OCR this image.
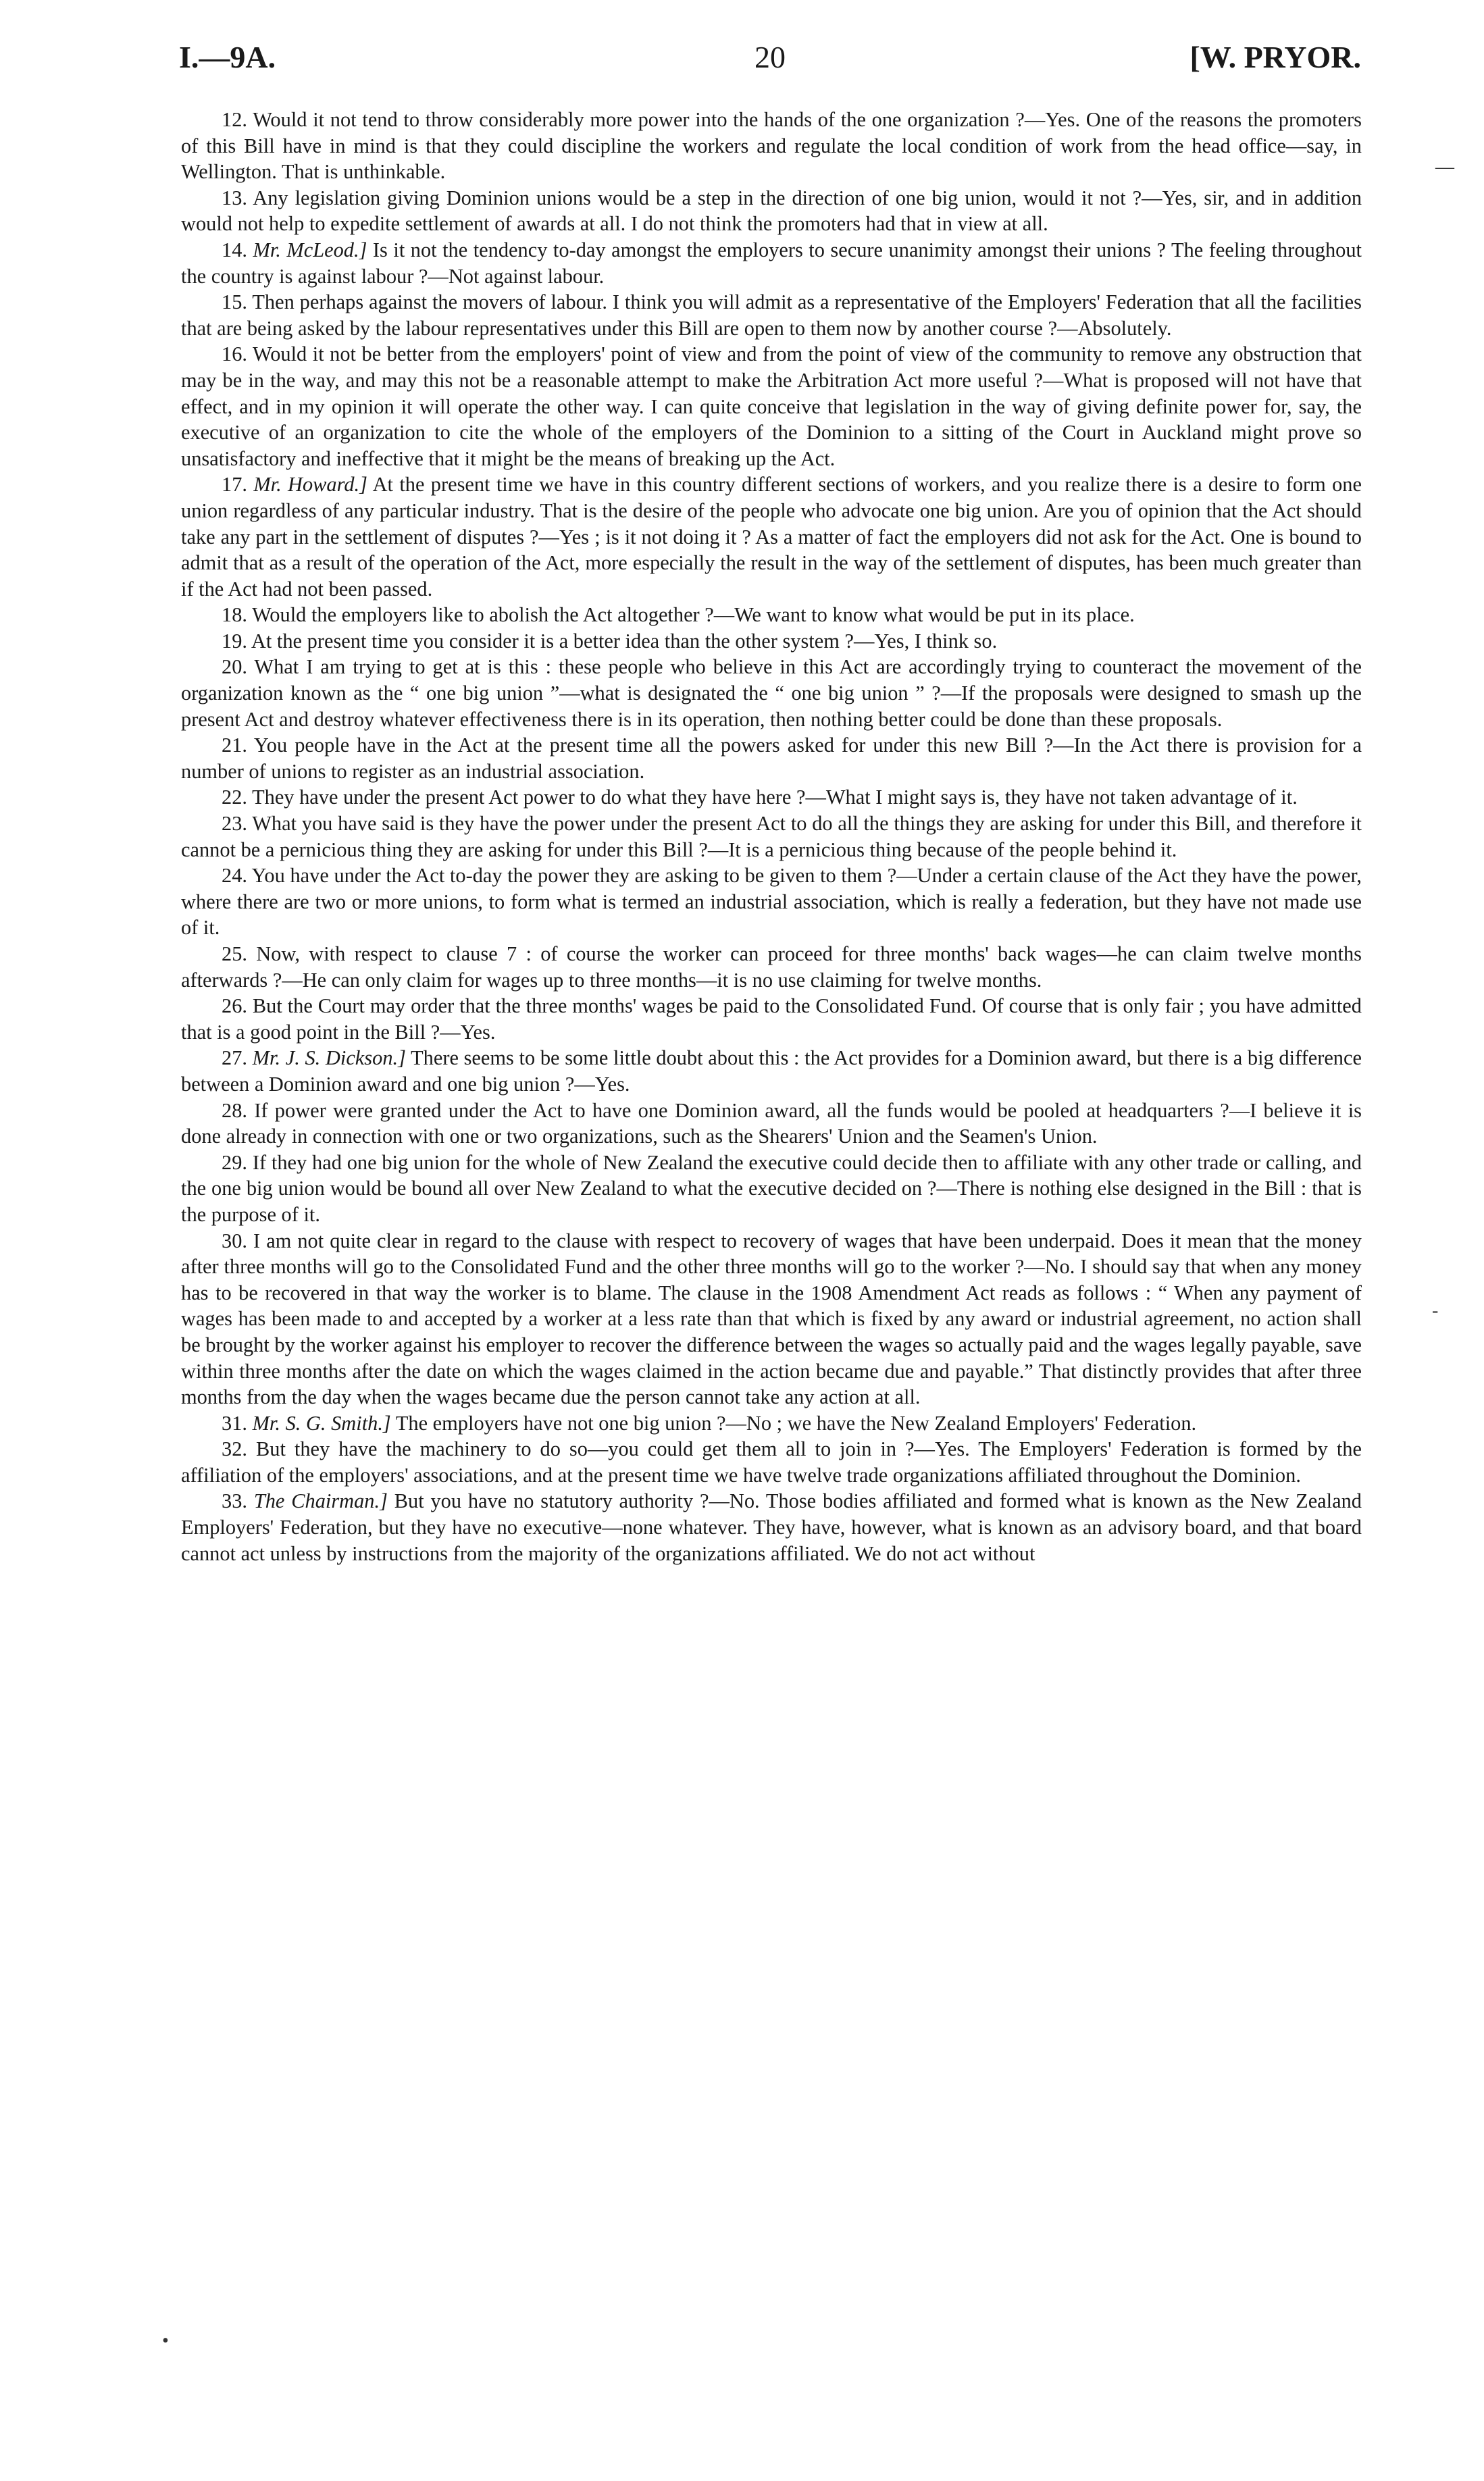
I.—9A.	20	[W. PRYOR.

12. Would it not tend to throw considerably more power into the hands of the one organization ?—Yes. One of the reasons the promoters of this Bill have in mind is that they could discipline the workers and regulate the local condition of work from the head office—say, in Wellington. That is unthinkable.

13. Any legislation giving Dominion unions would be a step in the direction of one big union, would it not ?—Yes, sir, and in addition would not help to expedite settlement of awards at all. I do not think the promoters had that in view at all.

14. Mr. McLeod.] Is it not the tendency to-day amongst the employers to secure unanimity amongst their unions ? The feeling throughout the country is against labour ?—Not against labour.

15. Then perhaps against the movers of labour. I think you will admit as a representative of the Employers' Federation that all the facilities that are being asked by the labour representatives under this Bill are open to them now by another course ?—Absolutely.

16. Would it not be better from the employers' point of view and from the point of view of the community to remove any obstruction that may be in the way, and may this not be a reasonable attempt to make the Arbitration Act more useful ?—What is proposed will not have that effect, and in my opinion it will operate the other way. I can quite conceive that legislation in the way of giving definite power for, say, the executive of an organization to cite the whole of the employers of the Dominion to a sitting of the Court in Auckland might prove so unsatisfactory and ineffective that it might be the means of breaking up the Act.

17. Mr. Howard.] At the present time we have in this country different sections of workers, and you realize there is a desire to form one union regardless of any particular industry. That is the desire of the people who advocate one big union. Are you of opinion that the Act should take any part in the settlement of disputes ?—Yes ; is it not doing it ? As a matter of fact the employers did not ask for the Act. One is bound to admit that as a result of the operation of the Act, more especially the result in the way of the settlement of disputes, has been much greater than if the Act had not been passed.

18. Would the employers like to abolish the Act altogether ?—We want to know what would be put in its place.

19. At the present time you consider it is a better idea than the other system ?—Yes, I think so.

20. What I am trying to get at is this : these people who believe in this Act are accordingly trying to counteract the movement of the organization known as the “ one big union ”—what is designated the “ one big union ” ?—If the proposals were designed to smash up the present Act and destroy whatever effectiveness there is in its operation, then nothing better could be done than these proposals.

21. You people have in the Act at the present time all the powers asked for under this new Bill ?—In the Act there is provision for a number of unions to register as an industrial association.

22. They have under the present Act power to do what they have here ?—What I might says is, they have not taken advantage of it.

23. What you have said is they have the power under the present Act to do all the things they are asking for under this Bill, and therefore it cannot be a pernicious thing they are asking for under this Bill ?—It is a pernicious thing because of the people behind it.

24. You have under the Act to-day the power they are asking to be given to them ?—Under a certain clause of the Act they have the power, where there are two or more unions, to form what is termed an industrial association, which is really a federation, but they have not made use of it.

25. Now, with respect to clause 7 : of course the worker can proceed for three months' back wages—he can claim twelve months afterwards ?—He can only claim for wages up to three months—it is no use claiming for twelve months.

26. But the Court may order that the three months' wages be paid to the Consolidated Fund. Of course that is only fair ; you have admitted that is a good point in the Bill ?—Yes.

27. Mr. J. S. Dickson.] There seems to be some little doubt about this : the Act provides for a Dominion award, but there is a big difference between a Dominion award and one big union ?—Yes.

28. If power were granted under the Act to have one Dominion award, all the funds would be pooled at headquarters ?—I believe it is done already in connection with one or two organizations, such as the Shearers' Union and the Seamen's Union.

29. If they had one big union for the whole of New Zealand the executive could decide then to affiliate with any other trade or calling, and the one big union would be bound all over New Zealand to what the executive decided on ?—There is nothing else designed in the Bill : that is the purpose of it.

30. I am not quite clear in regard to the clause with respect to recovery of wages that have been underpaid. Does it mean that the money after three months will go to the Consolidated Fund and the other three months will go to the worker ?—No. I should say that when any money has to be recovered in that way the worker is to blame. The clause in the 1908 Amendment Act reads as follows : “ When any payment of wages has been made to and accepted by a worker at a less rate than that which is fixed by any award or industrial agreement, no action shall be brought by the worker against his employer to recover the difference between the wages so actually paid and the wages legally payable, save within three months after the date on which the wages claimed in the action became due and payable.” That distinctly provides that after three months from the day when the wages became due the person cannot take any action at all.

31. Mr. S. G. Smith.] The employers have not one big union ?—No ; we have the New Zealand Employers' Federation.

32. But they have the machinery to do so—you could get them all to join in ?—Yes. The Employers' Federation is formed by the affiliation of the employers' associations, and at the present time we have twelve trade organizations affiliated throughout the Dominion.

33. The Chairman.] But you have no statutory authority ?—No. Those bodies affiliated and formed what is known as the New Zealand Employers' Federation, but they have no executive—none whatever. They have, however, what is known as an advisory board, and that board cannot act unless by instructions from the majority of the organizations affiliated. We do not act without

—
‐
•
